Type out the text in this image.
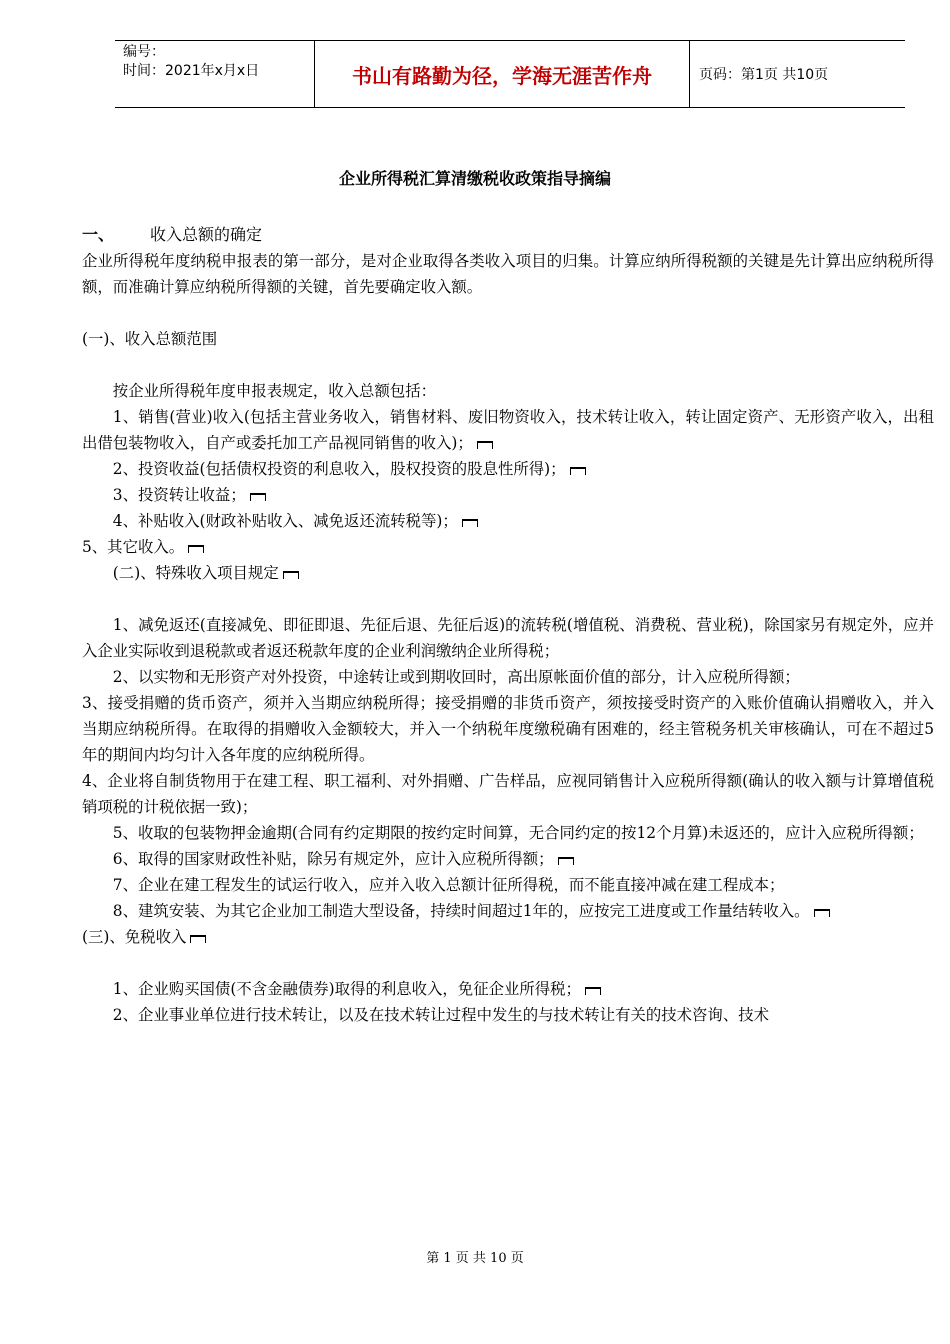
编号：
时间：2021年x月x日	书山有路勤为径，学海无涯苦作舟	页码：第1页 共10页
企业所得税汇算清缴税收政策指导摘编

一、 收入总额的确定

企业所得税年度纳税申报表的第一部分，是对企业取得各类收入项目的归集。计算应纳所得税额的关键是先计算出应纳税所得额，而准确计算应纳税所得额的关键，首先要确定收入额。

(一)、收入总额范围

按企业所得税年度申报表规定，收入总额包括：

1、销售(营业)收入(包括主营业务收入，销售材料、废旧物资收入，技术转让收入，转让固定资产、无形资产收入，出租出借包装物收入，自产或委托加工产品视同销售的收入)；

2、投资收益(包括债权投资的利息收入，股权投资的股息性所得)；

3、投资转让收益；

4、补贴收入(财政补贴收入、减免返还流转税等)；

5、其它收入。

(二)、特殊收入项目规定

1、减免返还(直接减免、即征即退、先征后退、先征后返)的流转税(增值税、消费税、营业税)，除国家另有规定外，应并入企业实际收到退税款或者返还税款年度的企业利润缴纳企业所得税；

2、以实物和无形资产对外投资，中途转让或到期收回时，高出原帐面价值的部分，计入应税所得额；

3、接受捐赠的货币资产，须并入当期应纳税所得；接受捐赠的非货币资产，须按接受时资产的入账价值确认捐赠收入，并入当期应纳税所得。在取得的捐赠收入金额较大，并入一个纳税年度缴税确有困难的，经主管税务机关审核确认，可在不超过5年的期间内均匀计入各年度的应纳税所得。

4、企业将自制货物用于在建工程、职工福利、对外捐赠、广告样品，应视同销售计入应税所得额(确认的收入额与计算增值税销项税的计税依据一致)；

5、收取的包装物押金逾期(合同有约定期限的按约定时间算，无合同约定的按12个月算)未返还的，应计入应税所得额；

6、取得的国家财政性补贴，除另有规定外，应计入应税所得额；

7、企业在建工程发生的试运行收入，应并入收入总额计征所得税，而不能直接冲减在建工程成本；

8、建筑安装、为其它企业加工制造大型设备，持续时间超过1年的，应按完工进度或工作量结转收入。

(三)、免税收入

1、企业购买国债(不含金融债券)取得的利息收入，免征企业所得税；

2、企业事业单位进行技术转让，以及在技术转让过程中发生的与技术转让有关的技术咨询、技术

第 1 页 共 10 页
